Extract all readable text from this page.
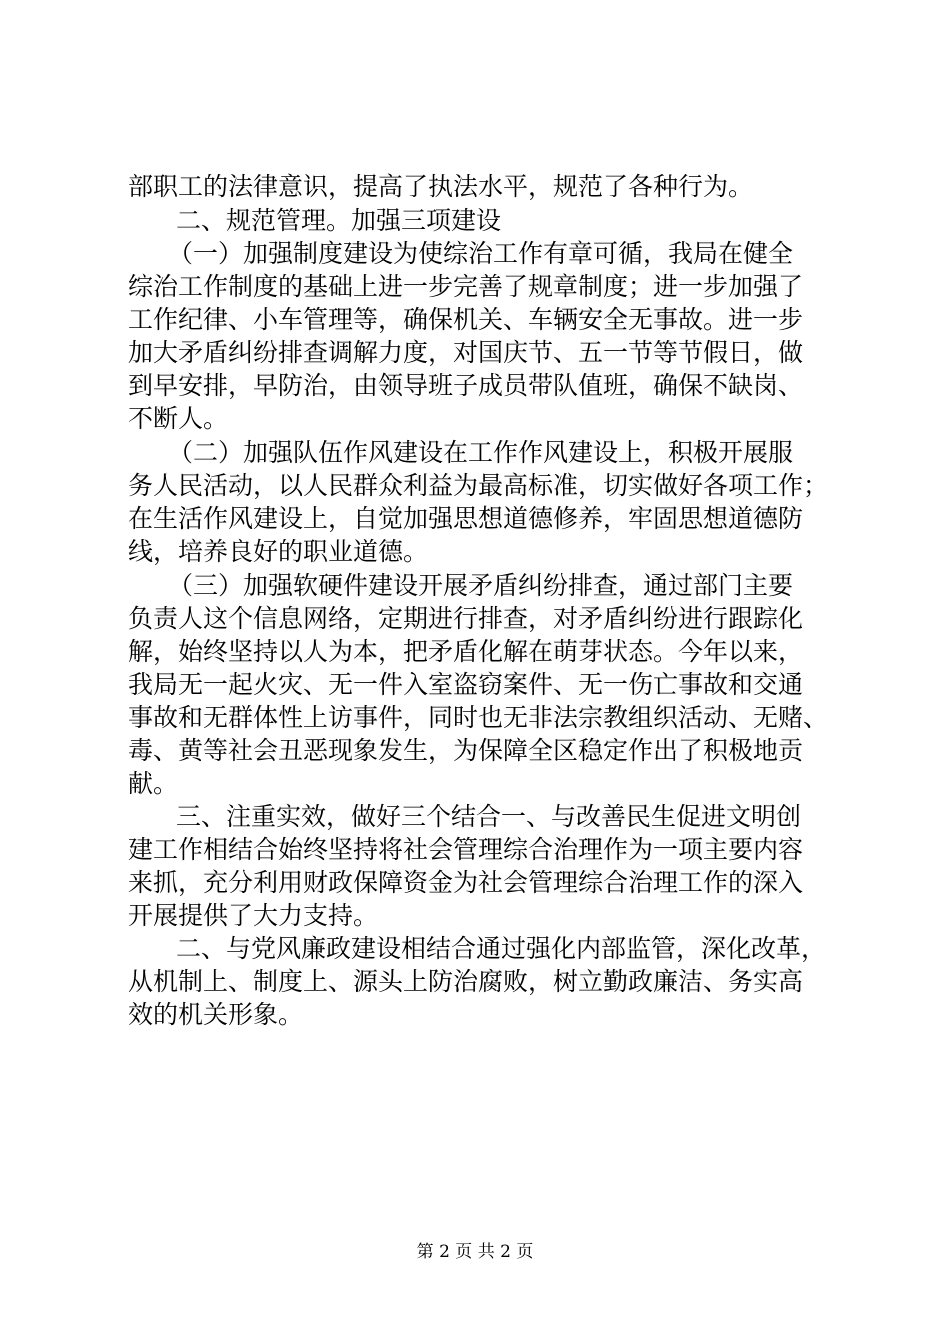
部职工的法律意识，提高了执法水平，规范了各种行为。
二、规范管理。加强三项建设
（一）加强制度建设为使综治工作有章可循，我局在健全
综治工作制度的基础上进一步完善了规章制度；进一步加强了
工作纪律、小车管理等，确保机关、车辆安全无事故。进一步
加大矛盾纠纷排查调解力度，对国庆节、五一节等节假日，做
到早安排，早防治，由领导班子成员带队值班，确保不缺岗、
不断人。
（二）加强队伍作风建设在工作作风建设上，积极开展服
务人民活动，以人民群众利益为最高标准，切实做好各项工作；
在生活作风建设上，自觉加强思想道德修养，牢固思想道德防
线，培养良好的职业道德。
（三）加强软硬件建设开展矛盾纠纷排查，通过部门主要
负责人这个信息网络，定期进行排查，对矛盾纠纷进行跟踪化
解，始终坚持以人为本，把矛盾化解在萌芽状态。今年以来，
我局无一起火灾、无一件入室盗窃案件、无一伤亡事故和交通
事故和无群体性上访事件，同时也无非法宗教组织活动、无赌、
毒、黄等社会丑恶现象发生，为保障全区稳定作出了积极地贡
献。
三、注重实效，做好三个结合一、与改善民生促进文明创
建工作相结合始终坚持将社会管理综合治理作为一项主要内容
来抓，充分利用财政保障资金为社会管理综合治理工作的深入
开展提供了大力支持。
二、与党风廉政建设相结合通过强化内部监管，深化改革，
从机制上、制度上、源头上防治腐败，树立勤政廉洁、务实高
效的机关形象。
第 2 页 共 2 页
